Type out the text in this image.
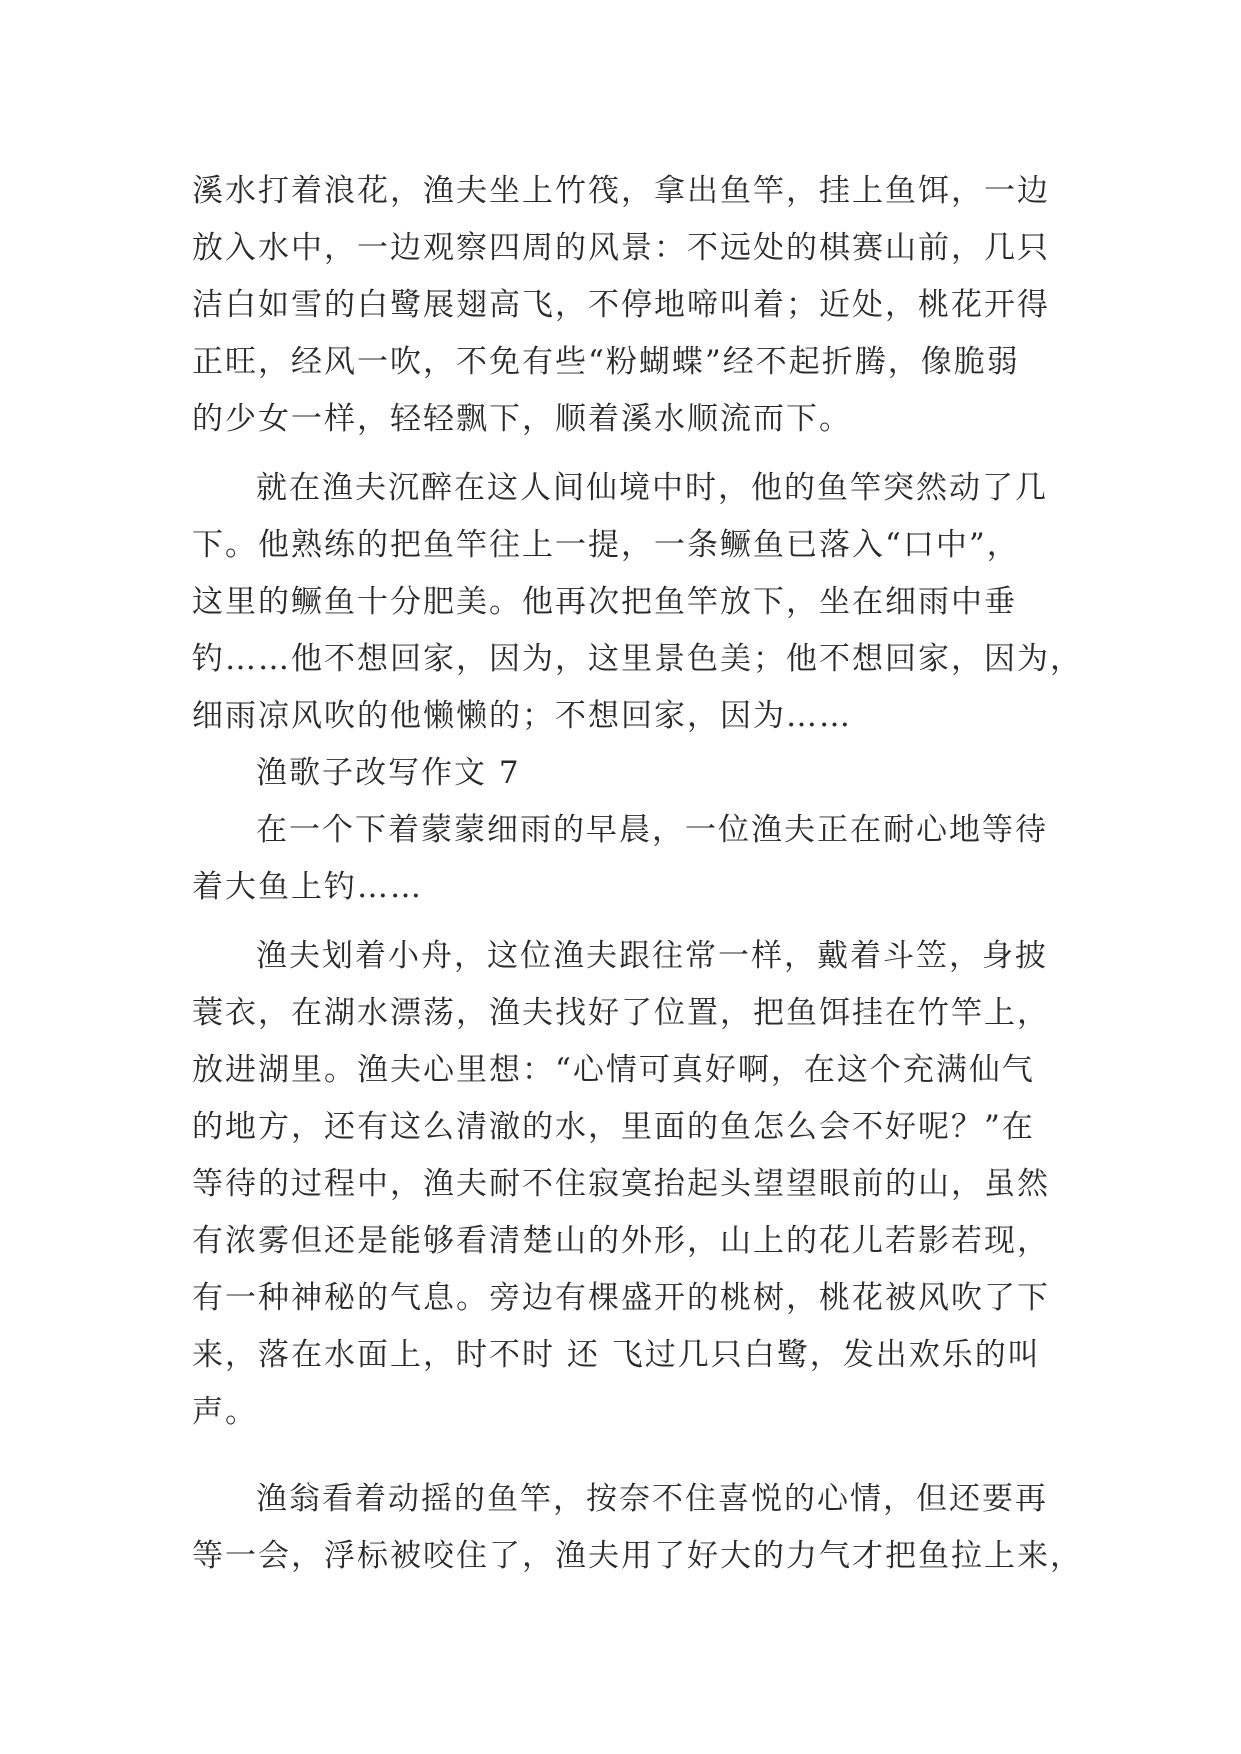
溪水打着浪花，渔夫坐上竹筏，拿出鱼竿，挂上鱼饵，一边
放入水中，一边观察四周的风景：不远处的棋赛山前，几只
洁白如雪的白鹭展翅高飞，不停地啼叫着；近处，桃花开得
正旺，经风一吹，不免有些“粉蝴蝶”经不起折腾，像脆弱
的少女一样，轻轻飘下，顺着溪水顺流而下。
就在渔夫沉醉在这人间仙境中时，他的鱼竿突然动了几
下。他熟练的把鱼竿往上一提，一条鳜鱼已落入“口中”，
这里的鳜鱼十分肥美。他再次把鱼竿放下，坐在细雨中垂
钓……他不想回家，因为，这里景色美；他不想回家，因为，
细雨凉风吹的他懒懒的；不想回家，因为……
渔歌子改写作文 7
在一个下着蒙蒙细雨的早晨，一位渔夫正在耐心地等待
着大鱼上钓……
渔夫划着小舟，这位渔夫跟往常一样，戴着斗笠，身披
蓑衣，在湖水漂荡，渔夫找好了位置，把鱼饵挂在竹竿上，
放进湖里。渔夫心里想：“心情可真好啊，在这个充满仙气
的地方，还有这么清澈的水，里面的鱼怎么会不好呢？”在
等待的过程中，渔夫耐不住寂寞抬起头望望眼前的山，虽然
有浓雾但还是能够看清楚山的外形，山上的花儿若影若现，
有一种神秘的气息。旁边有棵盛开的桃树，桃花被风吹了下
来，落在水面上，时不时 还 飞过几只白鹭，发出欢乐的叫
声。
渔翁看着动摇的鱼竿，按奈不住喜悦的心情，但还要再
等一会，浮标被咬住了，渔夫用了好大的力气才把鱼拉上来，
